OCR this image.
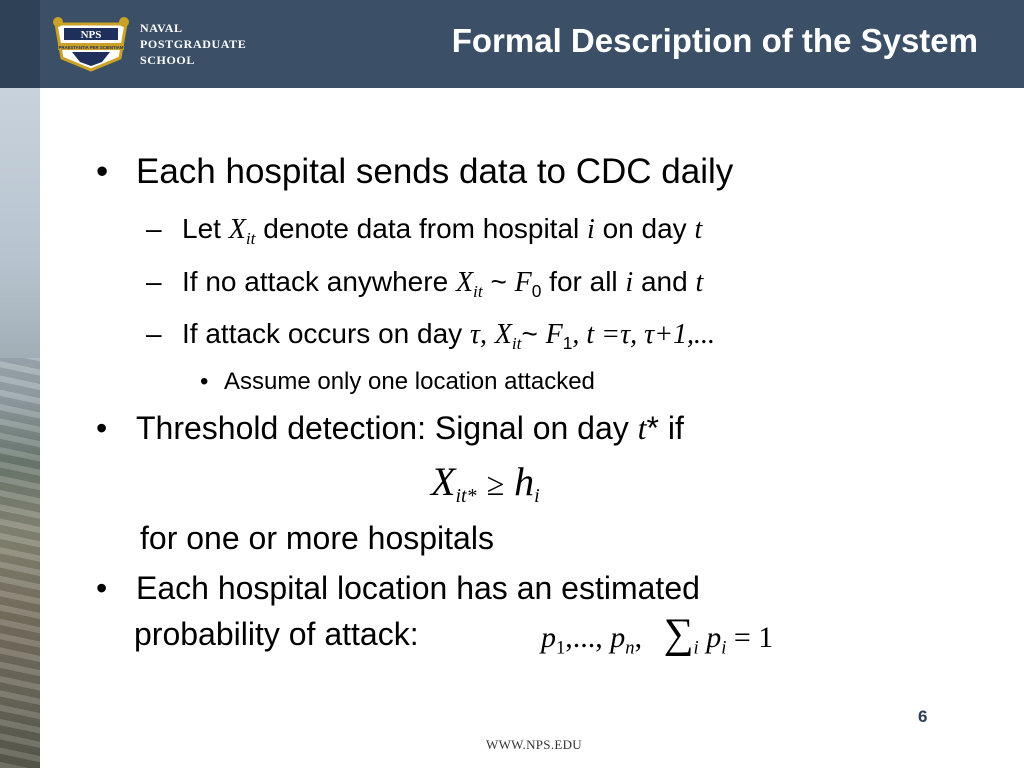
NPS
PRAESTANTIA PER SCIENTIAM
NAVAL
POSTGRADUATE
SCHOOL
Formal Description of the System
• Each hospital sends data to CDC daily
– Let $X_{it}$ denote data from hospital i on day t
– If no attack anywhere $X_{it}$ ~ $F_0$ for all i and t
– If attack occurs on day τ, $X_{it}\sim$ $F_1$, t =τ, τ+1,...
• Assume only one location attacked
• Threshold detection: Signal on day t* if
$X_{it*} \ge h_i$
for one or more hospitals
• Each hospital location has an estimated
probability of attack:	$p_1$,..., $p_n$, $\sum_i$ $p_i = 1$
6
WWW.NPS.EDU
